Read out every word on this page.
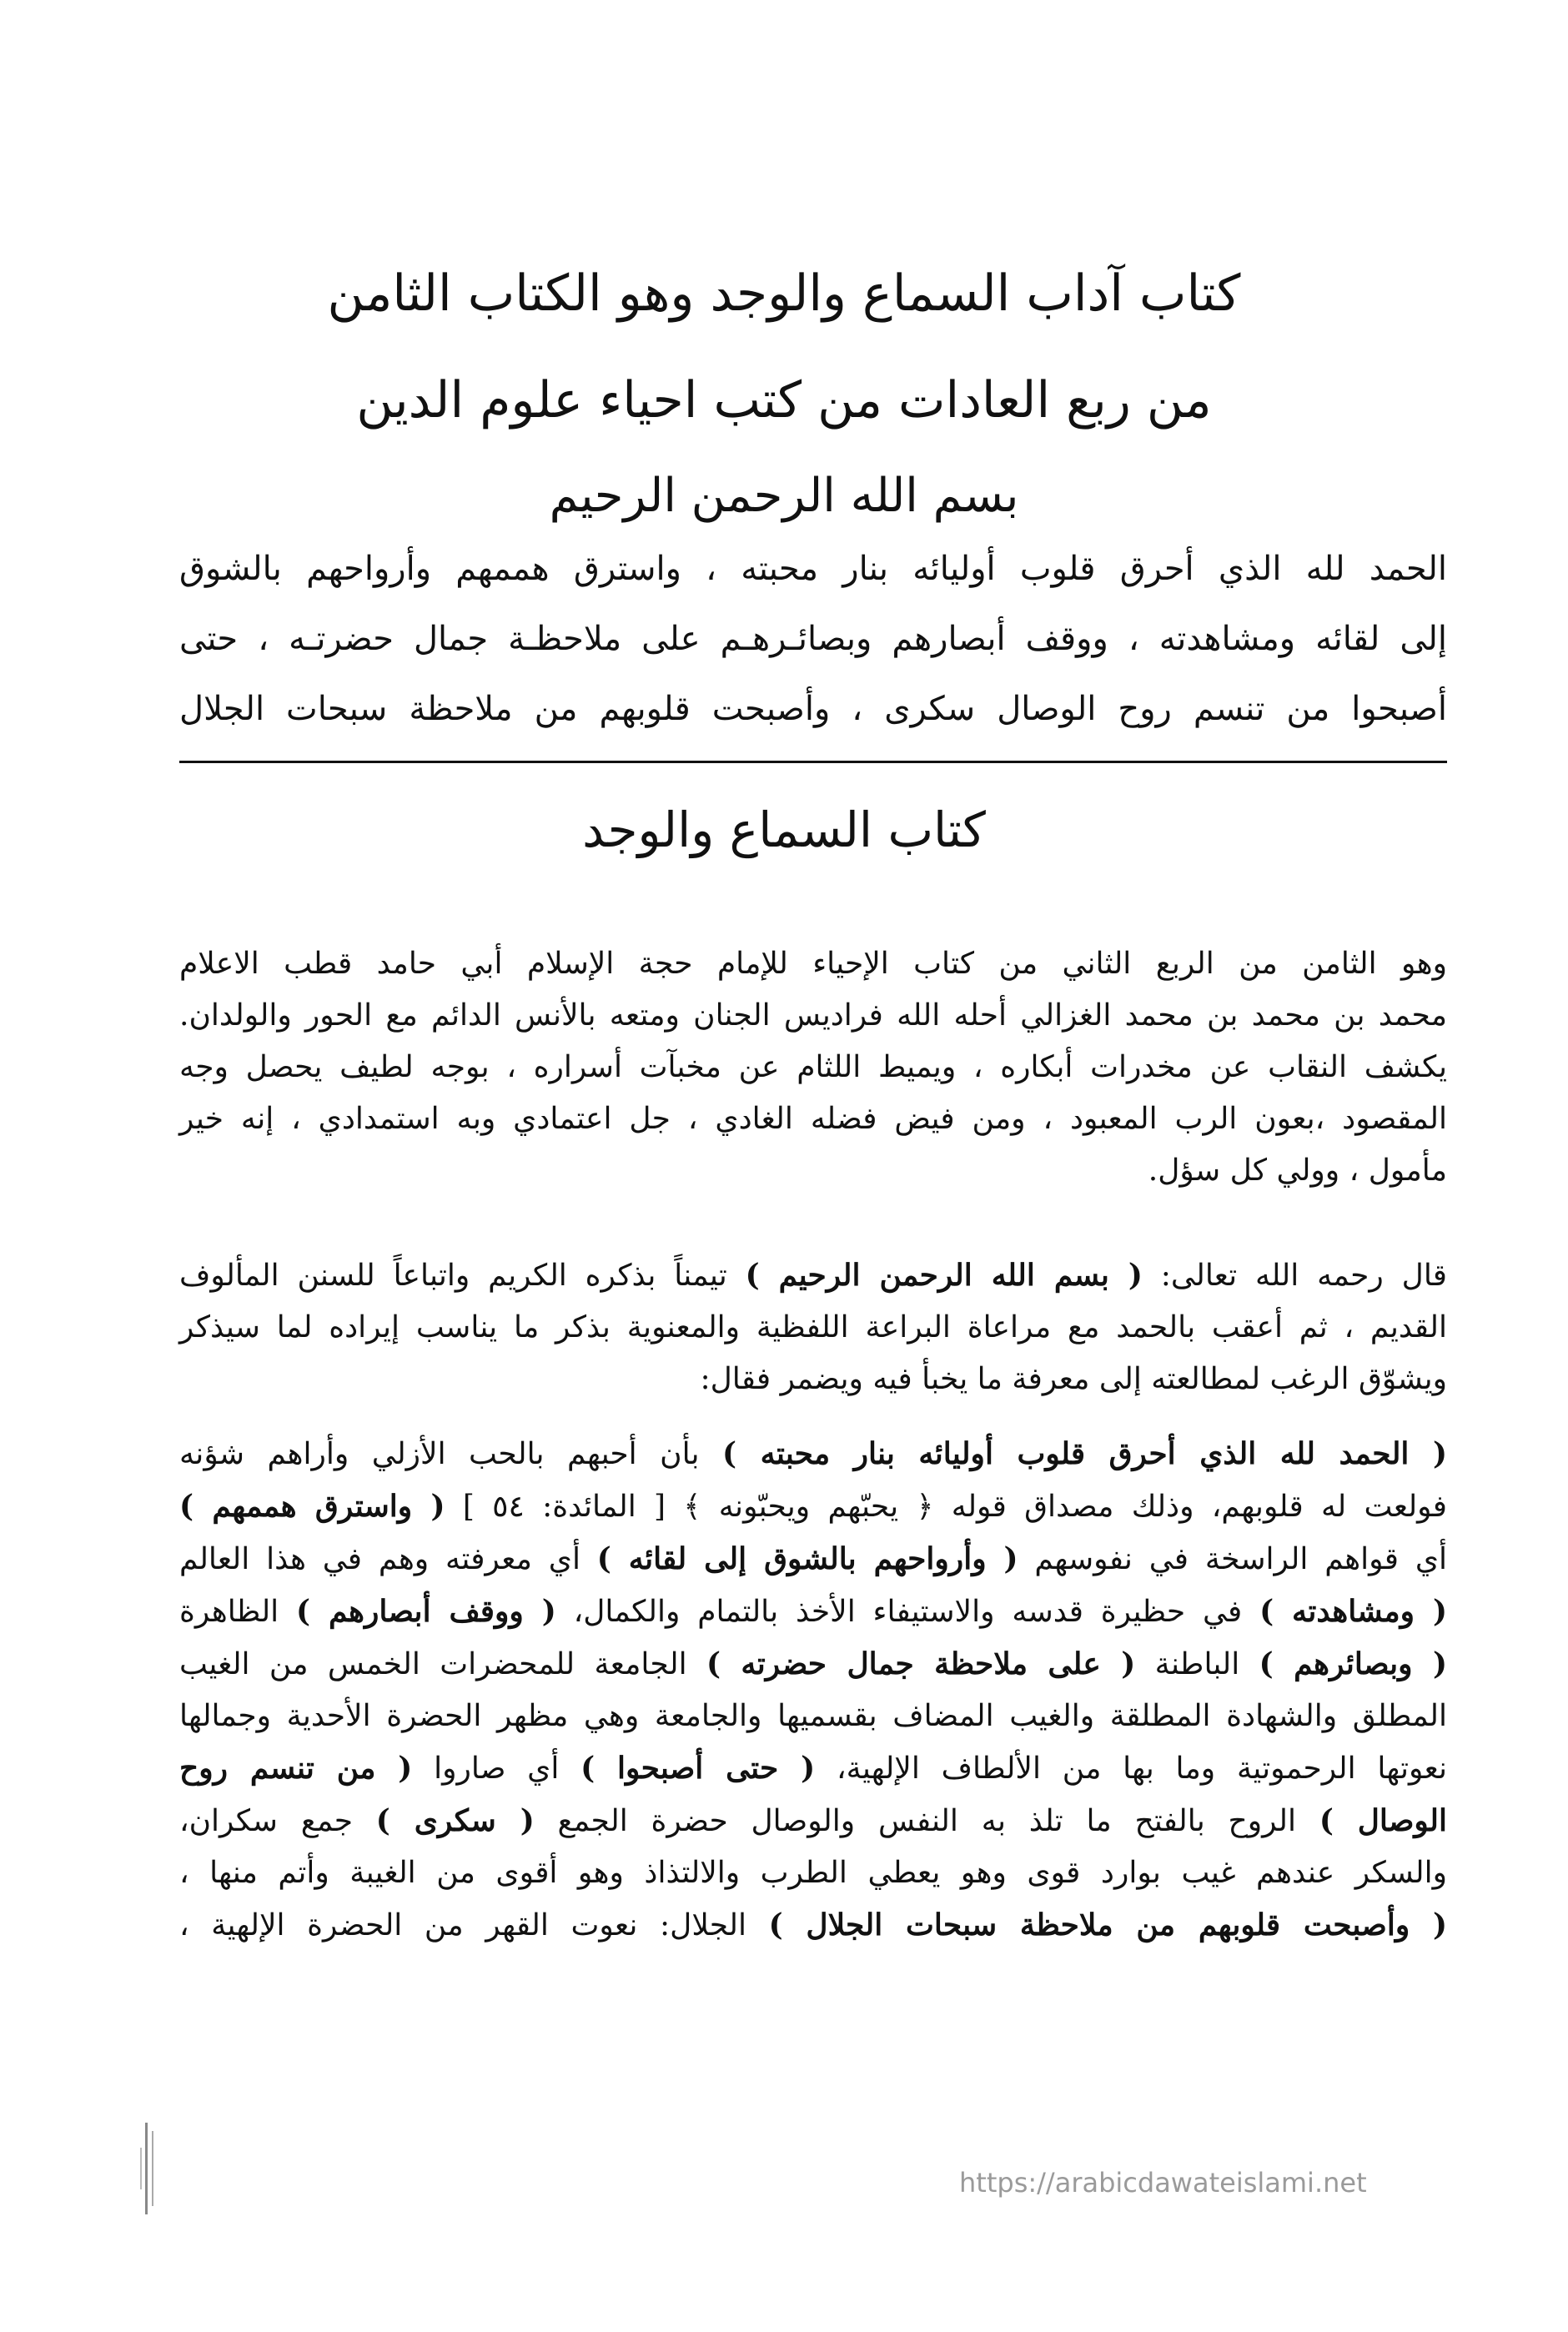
كتاب آداب السماع والوجد وهو الكتاب الثامن
من ربع العادات من كتب احياء علوم الدين
بسم الله الرحمن الرحيم
الحمد لله الذي أحرق قلوب أوليائه بنار محبته ، واسترق هممهم وأرواحهم بالشوق
إلى لقائه ومشاهدته ، ووقف أبصارهم وبصائـرهـم على ملاحظـة جمال حضرتـه ، حتى
أصبحوا من تنسم روح الوصال سكرى ، وأصبحت قلوبهم من ملاحظة سبحات الجلال
كتاب السماع والوجد
وهو الثامن من الربع الثاني من كتاب الإحياء للإمام حجة الإسلام أبي حامد قطب الاعلام
محمد بن محمد بن محمد الغزالي أحله الله فراديس الجنان ومتعه بالأنس الدائم مع الحور والولدان.
يكشف النقاب عن مخدرات أبكاره ، ويميط اللثام عن مخبآت أسراره ، بوجه لطيف يحصل وجه
المقصود ،بعون الرب المعبود ، ومن فيض فضله الغادي ، جل اعتمادي وبه استمدادي ، إنه خير
مأمول ، وولي كل سؤل.
قال رحمه الله تعالى: ( بسم الله الرحمن الرحيم ) تيمناً بذكره الكريم واتباعاً للسنن المألوف
القديم ، ثم أعقب بالحمد مع مراعاة البراعة اللفظية والمعنوية بذكر ما يناسب إيراده لما سيذكر
ويشوّق الرغب لمطالعته إلى معرفة ما يخبأ فيه ويضمر فقال:
( الحمد لله الذي أحرق قلوب أوليائه بنار محبته ) بأن أحبهم بالحب الأزلي وأراهم شؤنه
فولعت له قلوبهم، وذلك مصداق قوله ﴿ يحبّهم ويحبّونه ﴾ [ المائدة: ٥٤ ] ( واسترق هممهم )
أي قواهم الراسخة في نفوسهم ( وأرواحهم بالشوق إلى لقائه ) أي معرفته وهم في هذا العالم
( ومشاهدته ) في حظيرة قدسه والاستيفاء الأخذ بالتمام والكمال، ( ووقف أبصارهم ) الظاهرة
( وبصائرهم ) الباطنة ( على ملاحظة جمال حضرته ) الجامعة للمحضرات الخمس من الغيب
المطلق والشهادة المطلقة والغيب المضاف بقسميها والجامعة وهي مظهر الحضرة الأحدية وجمالها
نعوتها الرحموتية وما بها من الألطاف الإلهية، ( حتى أصبحوا ) أي صاروا ( من تنسم روح
الوصال ) الروح بالفتح ما تلذ به النفس والوصال حضرة الجمع ( سكرى ) جمع سكران،
والسكر عندهم غيب بوارد قوى وهو يعطي الطرب والالتذاذ وهو أقوى من الغيبة وأتم منها ،
( وأصبحت قلوبهم من ملاحظة سبحات الجلال ) الجلال: نعوت القهر من الحضرة الإلهية ،
https://arabicdawateislami.net
